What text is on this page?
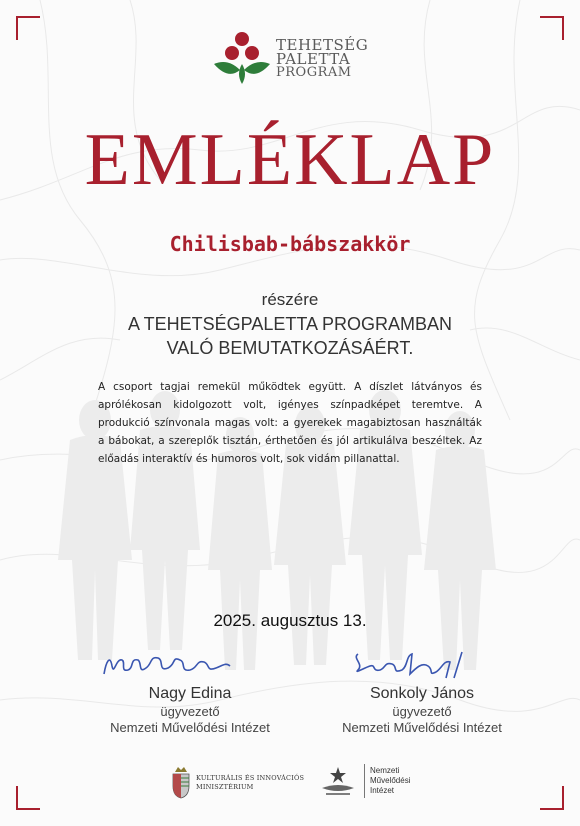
TEHETSÉG
PALETTA
PROGRAM
EMLÉKLAP
Chilisbab-bábszakkör
részére
A TEHETSÉGPALETTA PROGRAMBAN
VALÓ BEMUTATKOZÁSÁÉRT.
A csoport tagjai remekül működtek együtt. A díszlet látványos és aprólékosan kidolgozott volt, igényes színpadképet teremtve. A produkció színvonala magas volt: a gyerekek magabiztosan használták a bábokat, a szereplők tisztán, érthetően és jól artikulálva beszéltek. Az előadás interaktív és humoros volt, sok vidám pillanattal.
2025. augusztus 13.
Nagy Edina
ügyvezető
Nemzeti Művelődési Intézet
Sonkoly János
ügyvezető
Nemzeti Művelődési Intézet
KULTURÁLIS ÉS INNOVÁCIÓS
MINISZTÉRIUM
Nemzeti
Művelődési
Intézet
